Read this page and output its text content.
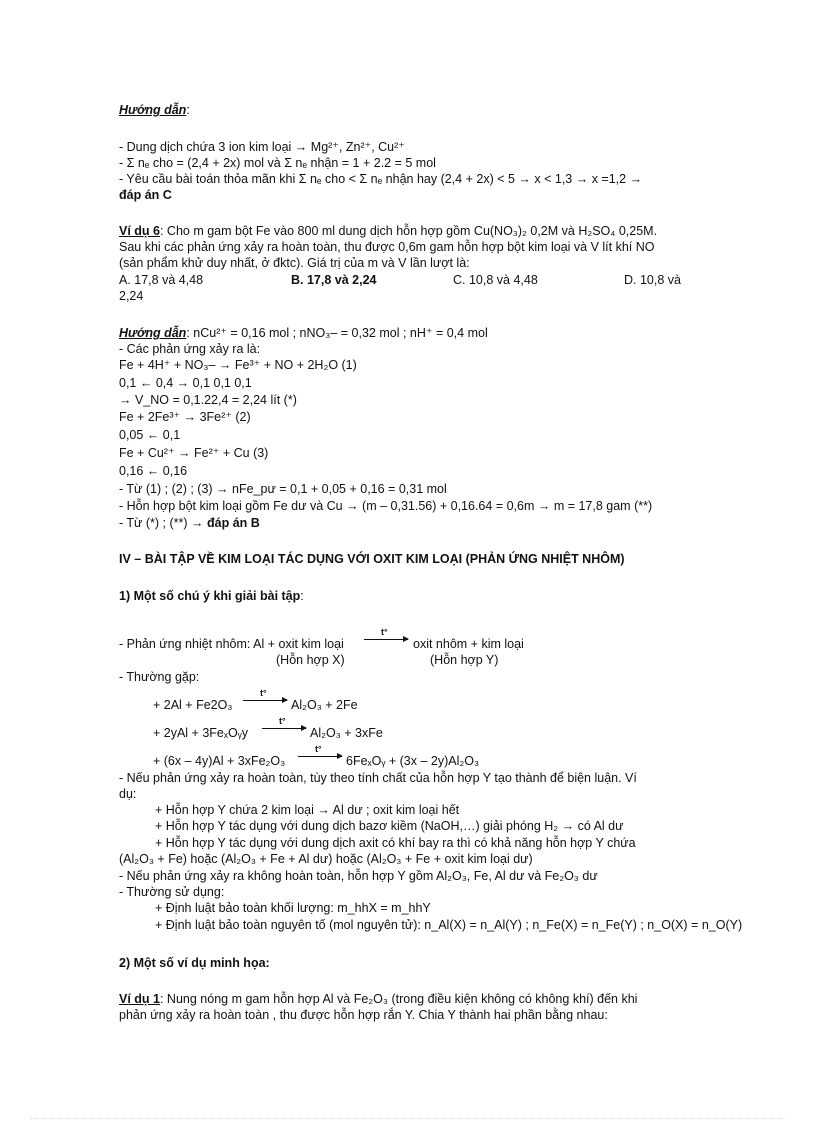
Hướng dẫn:
- Dung dịch chứa 3 ion kim loại → Mg²⁺, Zn²⁺, Cu²⁺
- Σ nₑ cho = (2,4 + 2x) mol và Σ nₑ nhận = 1 + 2.2 = 5 mol
- Yêu cầu bài toán thỏa mãn khi Σ nₑ cho < Σ nₑ nhận hay (2,4 + 2x) < 5 → x < 1,3 → x =1,2 →
đáp án C
Ví dụ 6: Cho m gam bột Fe vào 800 ml dung dịch hỗn hợp gồm Cu(NO₃)₂ 0,2M và H₂SO₄ 0,25M.
Sau khi các phản ứng xảy ra hoàn toàn, thu được 0,6m gam hỗn hợp bột kim loại và V lít khí NO
(sản phẩm khử duy nhất, ở đktc). Giá trị của m và V lần lượt là:
A. 17,8 và 4,48	B. 17,8 và 2,24	C. 10,8 và 4,48	D. 10,8 và
2,24
Hướng dẫn: nCu²⁺ = 0,16 mol ; nNO₃– = 0,32 mol ; nH⁺ = 0,4 mol
- Các phản ứng xảy ra là:
Fe + 4H⁺ + NO₃– → Fe³⁺ + NO + 2H₂O (1)
0,1 ← 0,4 → 0,1 0,1 0,1
→ V_NO = 0,1.22,4 = 2,24 lít (*)
Fe + 2Fe³⁺ → 3Fe²⁺ (2)
0,05 ← 0,1
Fe + Cu²⁺ → Fe²⁺ + Cu (3)
0,16 ← 0,16
- Từ (1) ; (2) ; (3) → nFe_pư = 0,1 + 0,05 + 0,16 = 0,31 mol
- Hỗn hợp bột kim loại gồm Fe dư và Cu → (m – 0,31.56) + 0,16.64 = 0,6m → m = 17,8 gam (**)
- Từ (*) ; (**) → đáp án B
IV – BÀI TẬP VỀ KIM LOẠI TÁC DỤNG VỚI OXIT KIM LOẠI (PHẢN ỨNG NHIỆT NHÔM)
1) Một số chú ý khi giải bài tập:
- Phản ứng nhiệt nhôm: Al + oxit kim loại
t°
oxit nhôm + kim loại
(Hỗn hợp X)	(Hỗn hợp Y)
- Thường gặp:
+ 2Al + Fe2O₃
t°
Al₂O₃ + 2Fe
+ 2yAl + 3FeₓOᵧy
t°
Al₂O₃ + 3xFe
+ (6x – 4y)Al + 3xFe₂O₃
t°
6FeₓOᵧ + (3x – 2y)Al₂O₃
- Nếu phản ứng xảy ra hoàn toàn, tùy theo tính chất của hỗn hợp Y tạo thành để biện luận. Ví
dụ:
+ Hỗn hợp Y chứa 2 kim loại → Al dư ; oxit kim loại hết
+ Hỗn hợp Y tác dụng với dung dịch bazơ kiềm (NaOH,…) giải phóng H₂ → có Al dư
+ Hỗn hợp Y tác dụng với dung dịch axit có khí bay ra thì có khả năng hỗn hợp Y chứa
(Al₂O₃ + Fe) hoặc (Al₂O₃ + Fe + Al dư) hoặc (Al₂O₃ + Fe + oxit kim loại dư)
- Nếu phản ứng xảy ra không hoàn toàn, hỗn hợp Y gồm Al₂O₃, Fe, Al dư và Fe₂O₃ dư
- Thường sử dụng:
+ Định luật bảo toàn khối lượng: m_hhX = m_hhY
+ Định luật bảo toàn nguyên tố (mol nguyên tử): n_Al(X) = n_Al(Y) ; n_Fe(X) = n_Fe(Y) ; n_O(X) = n_O(Y)
2) Một số ví dụ minh họa:
Ví dụ 1: Nung nóng m gam hỗn hợp Al và Fe₂O₃ (trong điều kiện không có không khí) đến khi
phản ứng xảy ra hoàn toàn , thu được hỗn hợp rắn Y. Chia Y thành hai phần bằng nhau:
